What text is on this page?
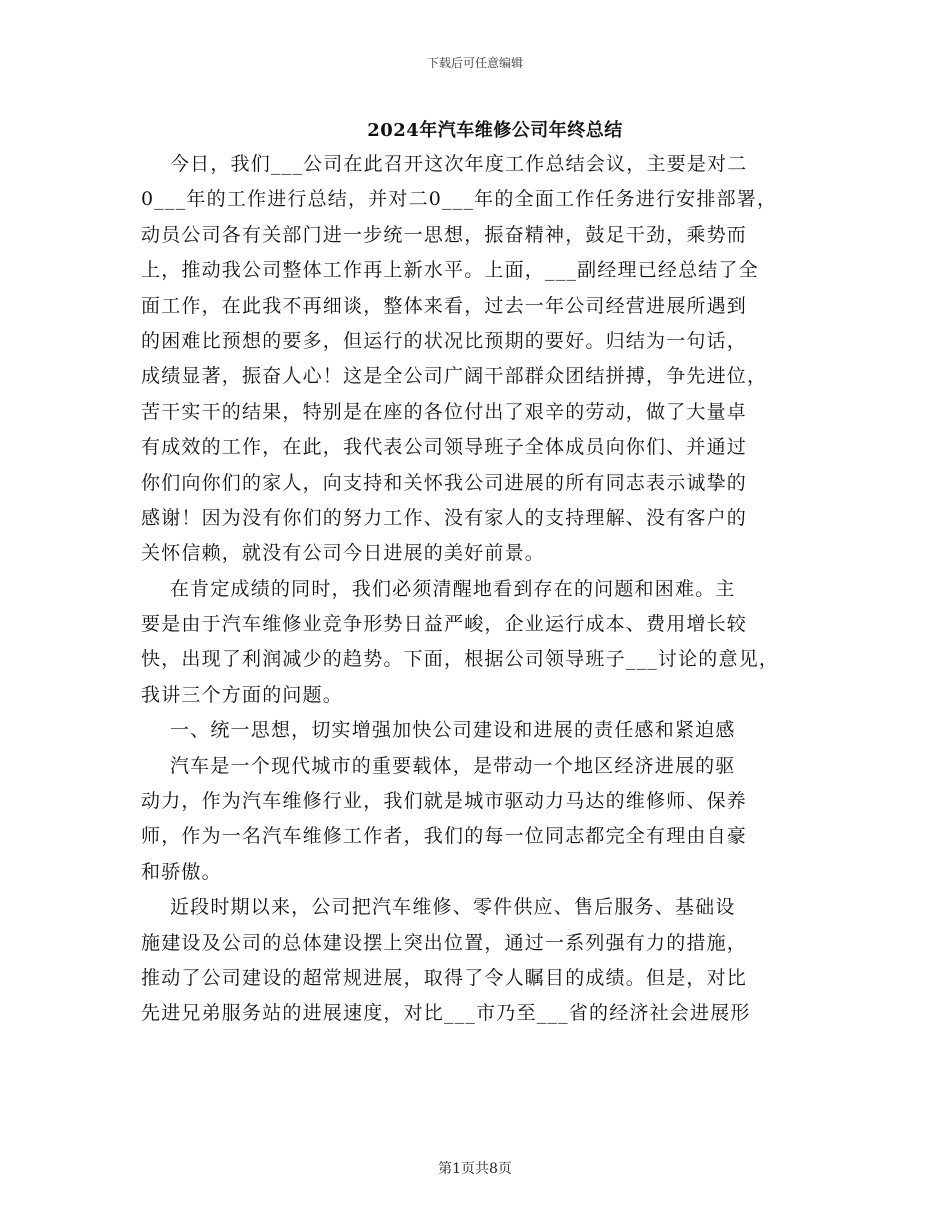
下载后可任意编辑
2024年汽车维修公司年终总结
今日，我们___公司在此召开这次年度工作总结会议，主要是对二
0___年的工作进行总结，并对二0___年的全面工作任务进行安排部署，
动员公司各有关部门进一步统一思想，振奋精神，鼓足干劲，乘势而
上，推动我公司整体工作再上新水平。上面，___副经理已经总结了全
面工作，在此我不再细谈，整体来看，过去一年公司经营进展所遇到
的困难比预想的要多，但运行的状况比预期的要好。归结为一句话，
成绩显著，振奋人心！这是全公司广阔干部群众团结拼搏，争先进位，
苦干实干的结果，特别是在座的各位付出了艰辛的劳动，做了大量卓
有成效的工作，在此，我代表公司领导班子全体成员向你们、并通过
你们向你们的家人，向支持和关怀我公司进展的所有同志表示诚挚的
感谢！因为没有你们的努力工作、没有家人的支持理解、没有客户的
关怀信赖，就没有公司今日进展的美好前景。
在肯定成绩的同时，我们必须清醒地看到存在的问题和困难。主
要是由于汽车维修业竞争形势日益严峻，企业运行成本、费用增长较
快，出现了利润减少的趋势。下面，根据公司领导班子___讨论的意见，
我讲三个方面的问题。
一、统一思想，切实增强加快公司建设和进展的责任感和紧迫感
汽车是一个现代城市的重要载体，是带动一个地区经济进展的驱
动力，作为汽车维修行业，我们就是城市驱动力马达的维修师、保养
师，作为一名汽车维修工作者，我们的每一位同志都完全有理由自豪
和骄傲。
近段时期以来，公司把汽车维修、零件供应、售后服务、基础设
施建设及公司的总体建设摆上突出位置，通过一系列强有力的措施，
推动了公司建设的超常规进展，取得了令人瞩目的成绩。但是，对比
先进兄弟服务站的进展速度，对比___市乃至___省的经济社会进展形
第1页共8页
